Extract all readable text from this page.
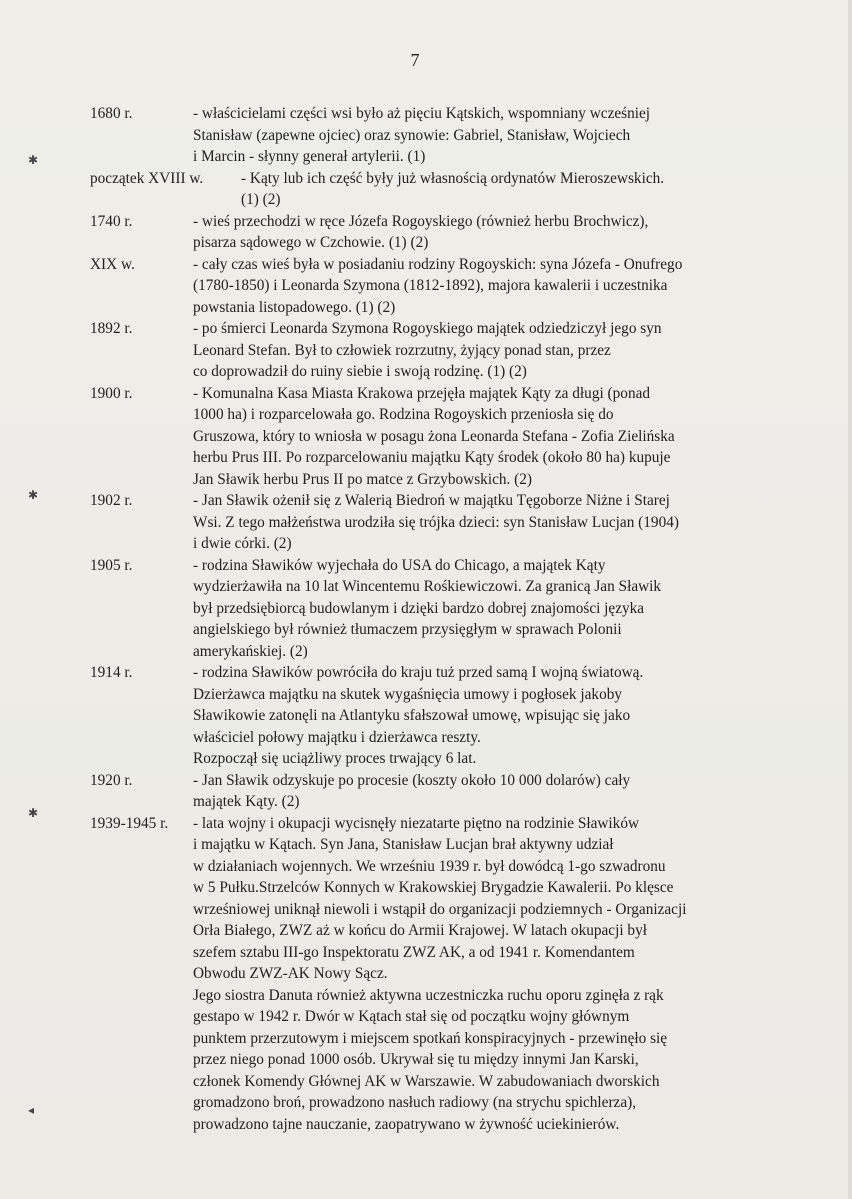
7
1680 r.	- właścicielami części wsi było aż pięciu Kątskich, wspomniany wcześniej
Stanisław (zapewne ojciec) oraz synowie: Gabriel, Stanisław, Wojciech
i Marcin - słynny generał artylerii. (1)
początek XVIII w.	- Kąty lub ich część były już własnością ordynatów Mieroszewskich.
(1) (2)
1740 r.	- wieś przechodzi w ręce Józefa Rogoyskiego (również herbu Brochwicz),
pisarza sądowego w Czchowie. (1) (2)
XIX w.	- cały czas wieś była w posiadaniu rodziny Rogoyskich: syna Józefa - Onufrego
(1780-1850) i Leonarda Szymona (1812-1892), majora kawalerii i uczestnika
powstania listopadowego. (1) (2)
1892 r.	- po śmierci Leonarda Szymona Rogoyskiego majątek odziedziczył jego syn
Leonard Stefan. Był to człowiek rozrzutny, żyjący ponad stan, przez
co doprowadził do ruiny siebie i swoją rodzinę. (1) (2)
1900 r.	- Komunalna Kasa Miasta Krakowa przejęła majątek Kąty za długi (ponad
1000 ha) i rozparcelowała go. Rodzina Rogoyskich przeniosła się do
Gruszowa, który to wniosła w posagu żona Leonarda Stefana - Zofia Zielińska
herbu Prus III. Po rozparcelowaniu majątku Kąty środek (około 80 ha) kupuje
Jan Sławik herbu Prus II po matce z Grzybowskich. (2)
1902 r.	- Jan Sławik ożenił się z Walerią Biedroń w majątku Tęgoborze Niżne i Starej
Wsi. Z tego małżeństwa urodziła się trójka dzieci: syn Stanisław Lucjan (1904)
i dwie córki. (2)
1905 r.	- rodzina Sławików wyjechała do USA do Chicago, a majątek Kąty
wydzierżawiła na 10 lat Wincentemu Rośkiewiczowi. Za granicą Jan Sławik
był przedsiębiorcą budowlanym i dzięki bardzo dobrej znajomości języka
angielskiego był również tłumaczem przysięgłym w sprawach Polonii
amerykańskiej. (2)
1914 r.	- rodzina Sławików powróciła do kraju tuż przed samą I wojną światową.
Dzierżawca majątku na skutek wygaśnięcia umowy i pogłosek jakoby
Sławikowie zatonęli na Atlantyku sfałszował umowę, wpisując się jako
właściciel połowy majątku i dzierżawca reszty.
Rozpoczął się uciążliwy proces trwający 6 lat.
1920 r.	- Jan Sławik odzyskuje po procesie (koszty około 10 000 dolarów) cały
majątek Kąty. (2)
1939-1945 r.	- lata wojny i okupacji wycisnęły niezatarte piętno na rodzinie Sławików
i majątku w Kątach. Syn Jana, Stanisław Lucjan brał aktywny udział
w działaniach wojennych. We wrześniu 1939 r. był dowódcą 1-go szwadronu
w 5 Pułku.Strzelców Konnych w Krakowskiej Brygadzie Kawalerii. Po klęsce
wrześniowej uniknął niewoli i wstąpił do organizacji podziemnych - Organizacji
Orła Białego, ZWZ aż w końcu do Armii Krajowej. W latach okupacji był
szefem sztabu III-go Inspektoratu ZWZ AK, a od 1941 r. Komendantem
Obwodu ZWZ-AK Nowy Sącz.
Jego siostra Danuta również aktywna uczestniczka ruchu oporu zginęła z rąk
gestapo w 1942 r. Dwór w Kątach stał się od początku wojny głównym
punktem przerzutowym i miejscem spotkań konspiracyjnych - przewinęło się
przez niego ponad 1000 osób. Ukrywał się tu między innymi Jan Karski,
członek Komendy Głównej AK w Warszawie. W zabudowaniach dworskich
gromadzono broń, prowadzono nasłuch radiowy (na strychu spichlerza),
prowadzono tajne nauczanie, zaopatrywano w żywność uciekinierów.
✱
✱
✱
◂
